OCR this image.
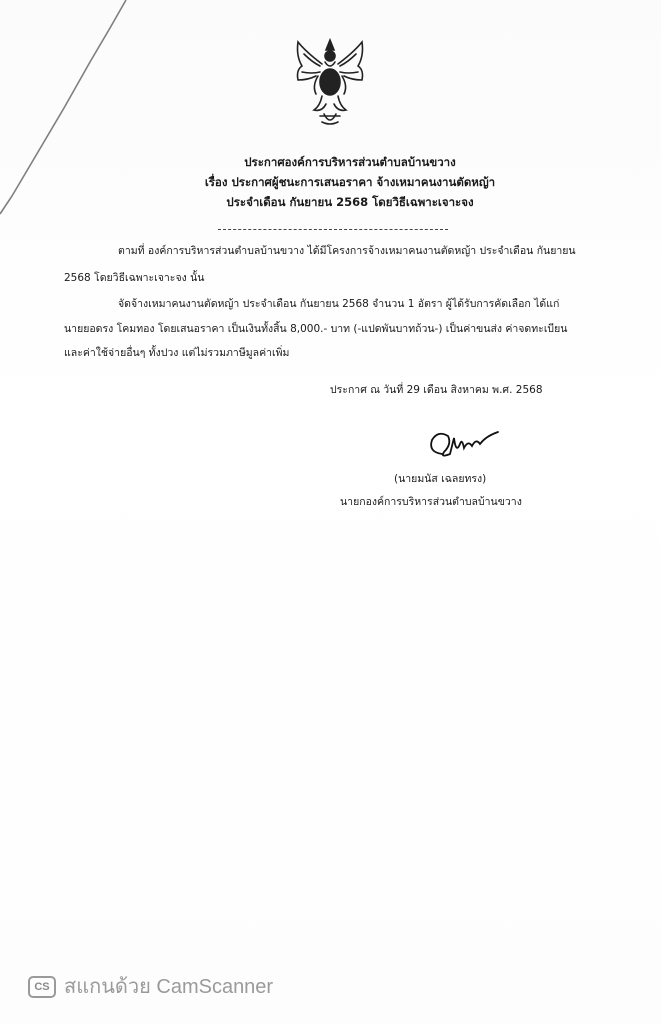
ประกาศองค์การบริหารส่วนตำบลบ้านขวาง
เรื่อง ประกาศผู้ชนะการเสนอราคา จ้างเหมาคนงานตัดหญ้า
ประจำเดือน กันยายน 2568 โดยวิธีเฉพาะเจาะจง
ตามที่ องค์การบริหารส่วนตำบลบ้านขวาง ได้มีโครงการจ้างเหมาคนงานตัดหญ้า ประจำเดือน กันยายน
2568 โดยวิธีเฉพาะเจาะจง นั้น
จัดจ้างเหมาคนงานตัดหญ้า ประจำเดือน กันยายน 2568 จำนวน 1 อัตรา ผู้ได้รับการคัดเลือก ได้แก่
นายยอดรง โคมทอง โดยเสนอราคา เป็นเงินทั้งสิ้น 8,000.- บาท (-แปดพันบาทถ้วน-) เป็นค่าขนส่ง ค่าจดทะเบียน
และค่าใช้จ่ายอื่นๆ ทั้งปวง แต่ไม่รวมภาษีมูลค่าเพิ่ม
ประกาศ ณ วันที่ 29 เดือน สิงหาคม พ.ศ. 2568
(นายมนัส เฉลยทรง)
นายกองค์การบริหารส่วนตำบลบ้านขวาง
CS สแกนด้วย CamScanner
